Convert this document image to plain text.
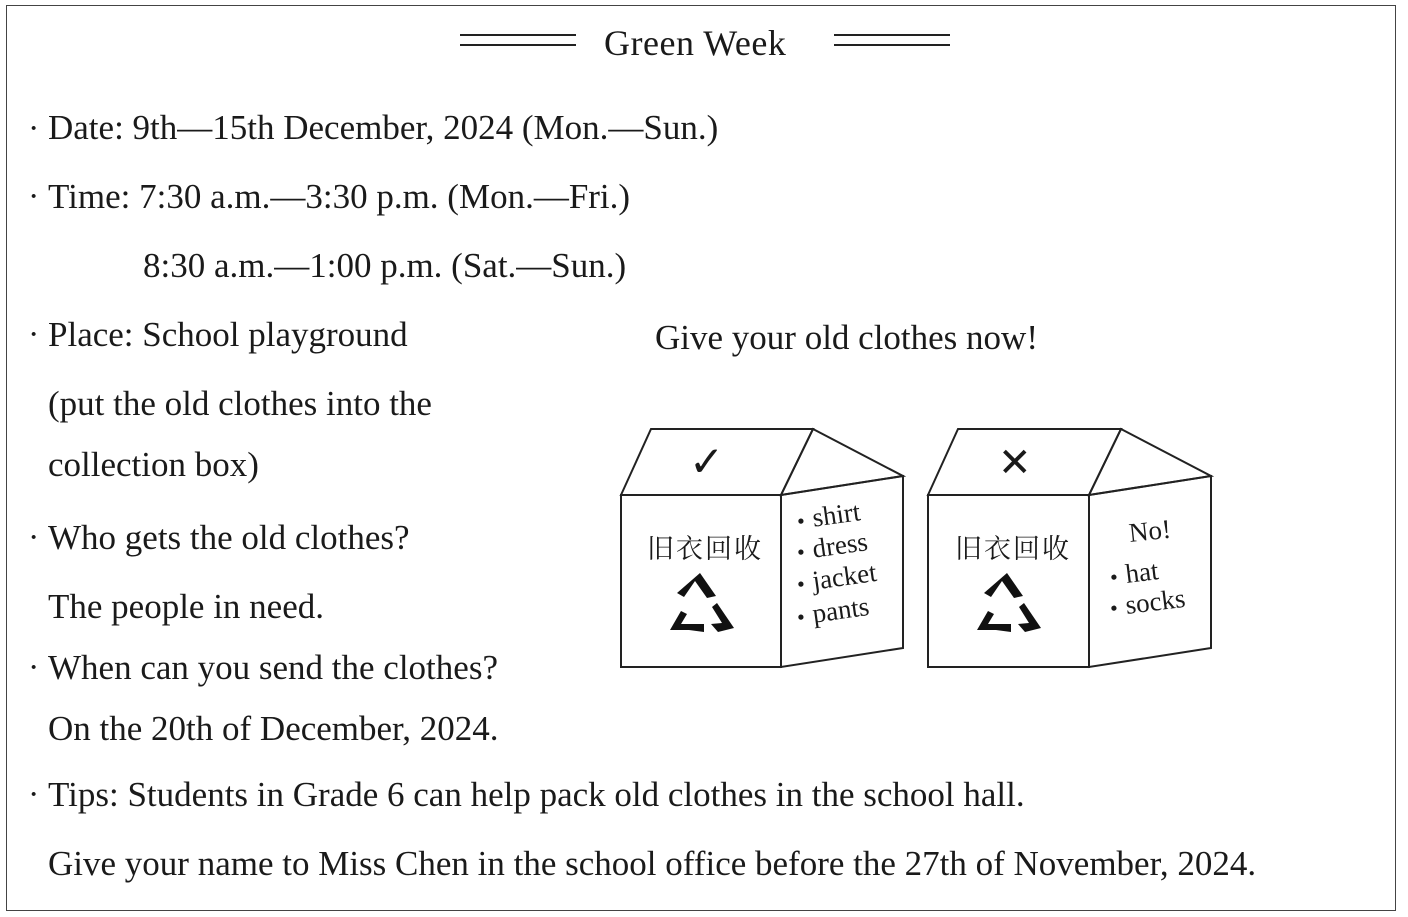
Green Week
· Date: 9th—15th December, 2024 (Mon.—Sun.)
· Time: 7:30 a.m.—3:30 p.m. (Mon.—Fri.)
8:30 a.m.—1:00 p.m. (Sat.—Sun.)
· Place: School playground
(put the old clothes into the
collection box)
· Who gets the old clothes?
The people in need.
· When can you send the clothes?
On the 20th of December, 2024.
· Tips: Students in Grade 6 can help pack old clothes in the school hall.
Give your name to Miss Chen in the school office before the 27th of November, 2024.
Give your old clothes now!
✓
旧衣回收
• shirt
• dress
• jacket
• pants
✕
旧衣回收
No!
• hat
• socks
